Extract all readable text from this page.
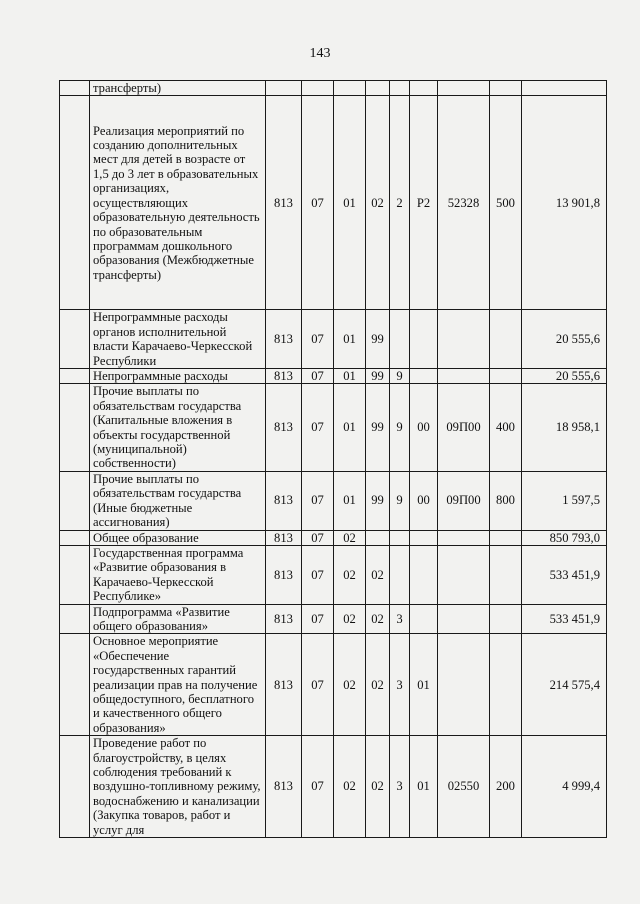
143
	трансферты)									
	Реализация мероприятий по созданию дополнительных мест для детей в возрасте от 1,5 до 3 лет в образовательных организациях, осуществляющих образовательную деятельность по образовательным программам дошкольного образования (Межбюджетные трансферты)	813	07	01	02	2	Р2	52328	500	13 901,8
	Непрограммные расходы органов исполнительной власти Карачаево-Черкесской Республики	813	07	01	99					20 555,6
	Непрограммные расходы	813	07	01	99	9				20 555,6
	Прочие выплаты по обязательствам государства (Капитальные вложения в объекты государственной (муниципальной) собственности)	813	07	01	99	9	00	09П00	400	18 958,1
	Прочие выплаты по обязательствам государства (Иные бюджетные ассигнования)	813	07	01	99	9	00	09П00	800	1 597,5
	Общее образование	813	07	02						850 793,0
	Государственная программа «Развитие образования в Карачаево-Черкесской Республике»	813	07	02	02					533 451,9
	Подпрограмма «Развитие общего образования»	813	07	02	02	3				533 451,9
	Основное мероприятие «Обеспечение государственных гарантий реализации прав на получение общедоступного, бесплатного и качественного общего образования»	813	07	02	02	3	01			214 575,4
	Проведение работ по благоустройству, в целях соблюдения требований к воздушно-топливному режиму, водоснабжению и канализации (Закупка товаров, работ и услуг для	813	07	02	02	3	01	02550	200	4 999,4
